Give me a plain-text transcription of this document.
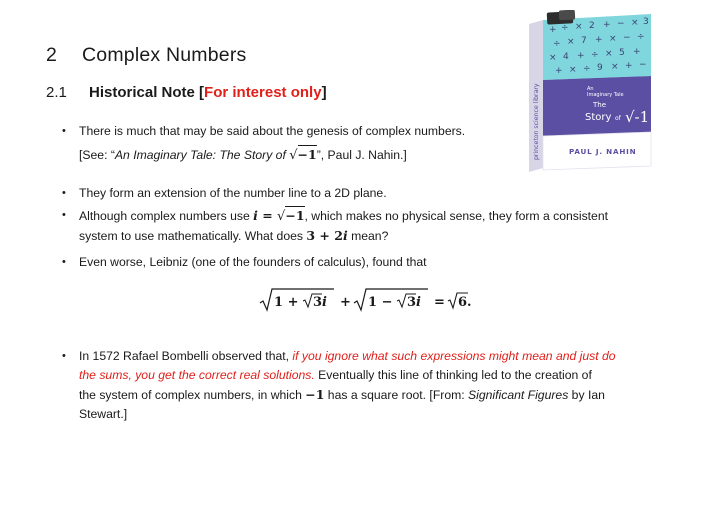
2 Complex Numbers
2.1 Historical Note [For interest only]
+ ÷ × 2 + − × 3
÷ × 7 + × − ÷
× 4 + ÷ × 5 +
+ × ÷ 9 × + −
princeton science library	An
Imaginary Tale
The
Story of √-1
PAUL J. NAHIN
• There is much that may be said about the genesis of complex numbers.
[See: “An Imaginary Tale: The Story of √−1”, Paul J. Nahin.]
• They form an extension of the number line to a 2D plane.
• Although complex numbers use i = √−1, which makes no physical sense, they form a consistent
system to use mathematically. What does 3 + 2i mean?
• Even worse, Leibniz (one of the founders of calculus), found that
• In 1572 Rafael Bombelli observed that, if you ignore what such expressions might mean and just do
the sums, you get the correct real solutions. Eventually this line of thinking led to the creation of
the system of complex numbers, in which −1 has a square root. [From: Significant Figures by Ian
Stewart.]
1 + 3 i + 1 − 3 i = 6 .
